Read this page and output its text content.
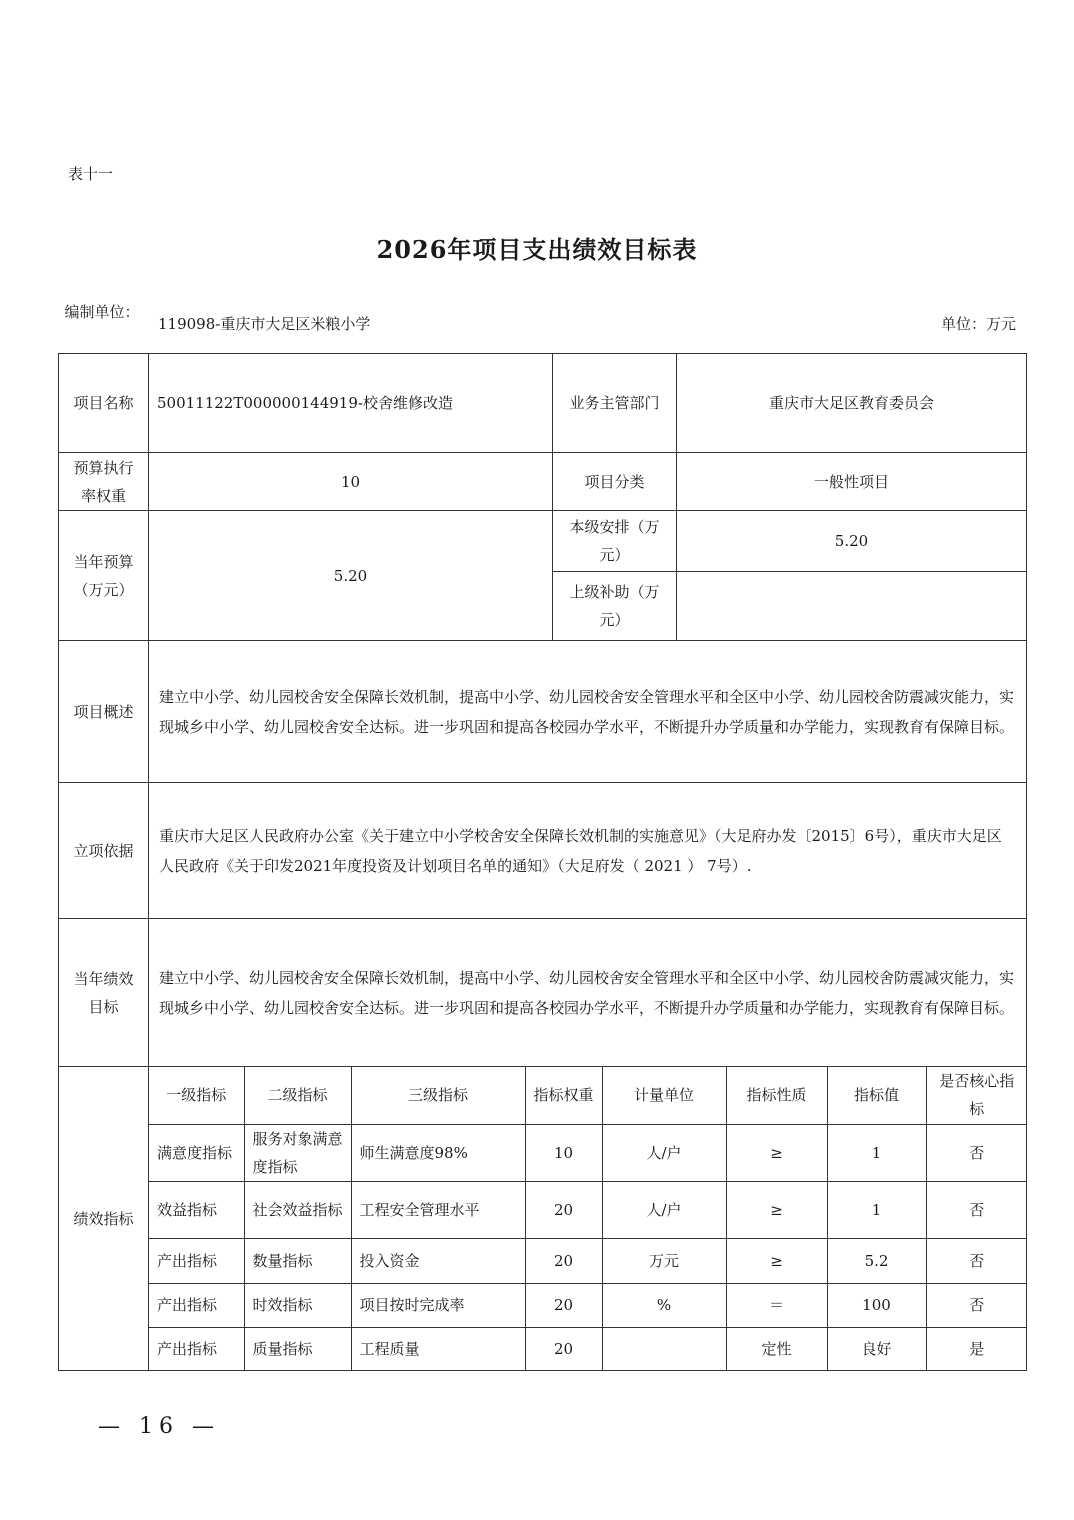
表十一
2026年项目支出绩效目标表
编制单位：
119098-重庆市大足区米粮小学	单位：万元
项目名称	50011122T000000144919-校舍维修改造	业务主管部门	重庆市大足区教育委员会
预算执行率权重	10	项目分类	一般性项目
当年预算（万元）	5.20	本级安排（万元）	5.20
上级补助（万元）	
项目概述	建立中小学、幼儿园校舍安全保障长效机制，提高中小学、幼儿园校舍安全管理水平和全区中小学、幼儿园校舍防震减灾能力，实现城乡中小学、幼儿园校舍安全达标。进一步巩固和提高各校园办学水平，不断提升办学质量和办学能力，实现教育有保障目标。
立项依据	重庆市大足区人民政府办公室《关于建立中小学校舍安全保障长效机制的实施意见》（大足府办发〔2015〕6号），重庆市大足区人民政府《关于印发2021年度投资及计划项目名单的通知》（大足府发（ 2021 ） 7号）.
当年绩效目标	建立中小学、幼儿园校舍安全保障长效机制，提高中小学、幼儿园校舍安全管理水平和全区中小学、幼儿园校舍防震减灾能力，实现城乡中小学、幼儿园校舍安全达标。进一步巩固和提高各校园办学水平，不断提升办学质量和办学能力，实现教育有保障目标。
绩效指标	
一级指标	二级指标	三级指标	指标权重	计量单位	指标性质	指标值	是否核心指标
满意度指标	服务对象满意度指标	师生满意度98%	10	人/户	≥	1	否
效益指标	社会效益指标	工程安全管理水平	20	人/户	≥	1	否
产出指标	数量指标	投入资金	20	万元	≥	5.2	否
产出指标	时效指标	项目按时完成率	20	%	＝	100	否
产出指标	质量指标	工程质量	20		定性	良好	是
— 16 —
